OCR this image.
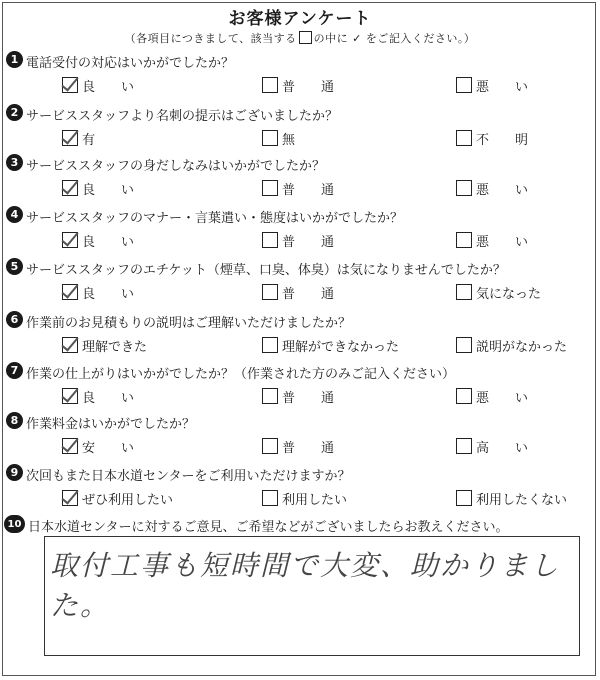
お客様アンケート
（各項目につきまして、該当する の中に ✓ をご記入ください。）
1 電話受付の対応はいかがでしたか？
良　　い	普　　通	悪　　い
2 サービススタッフより名刺の提示はございましたか？
有	無	不　　明
3 サービススタッフの身だしなみはいかがでしたか？
良　　い	普　　通	悪　　い
4 サービススタッフのマナー・言葉遣い・態度はいかがでしたか？
良　　い	普　　通	悪　　い
5 サービススタッフのエチケット（煙草、口臭、体臭）は気になりませんでしたか？
良　　い	普　　通	気になった
6 作業前のお見積もりの説明はご理解いただけましたか？
理解できた	理解ができなかった	説明がなかった
7 作業の仕上がりはいかがでしたか？（作業された方のみご記入ください）
良　　い	普　　通	悪　　い
8 作業料金はいかがでしたか？
安　　い	普　　通	高　　い
9 次回もまた日本水道センターをご利用いただけますか？
ぜひ利用したい	利用したい	利用したくない
10 日本水道センターに対するご意見、ご希望などがございましたらお教えください。
取付工事も短時間で大変、助かりました。
